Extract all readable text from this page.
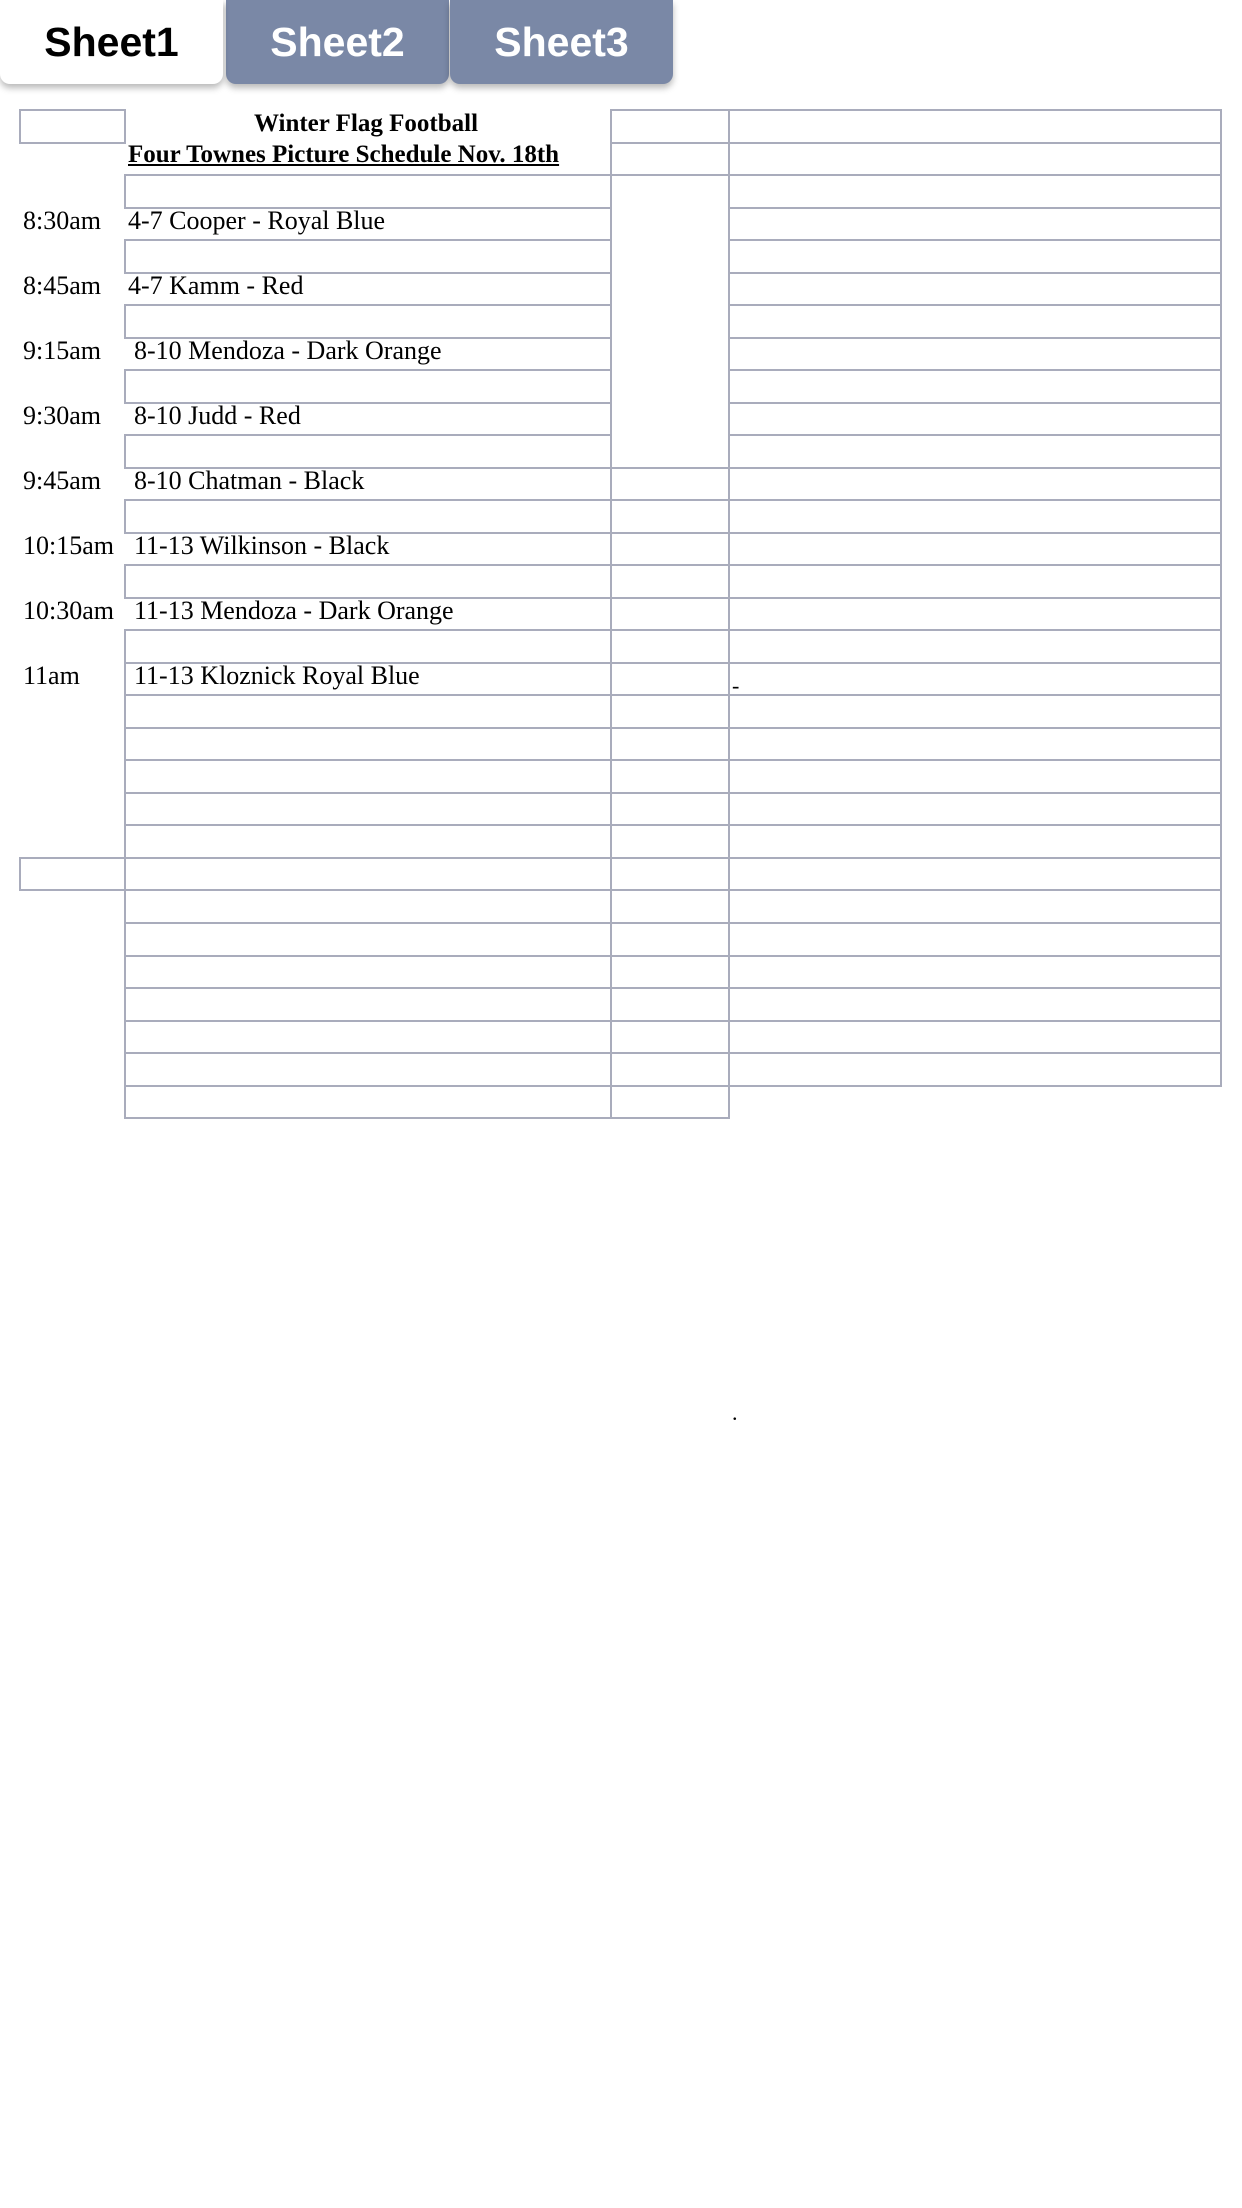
Sheet1	Sheet2	Sheet3
Winter Flag Football
Four Townes Picture Schedule Nov. 18th
8:30am 4-7 Cooper - Royal Blue
8:45am 4-7 Kamm - Red
9:15am 8-10 Mendoza - Dark Orange
9:30am 8-10 Judd - Red
9:45am 8-10 Chatman - Black
10:15am 11-13 Wilkinson - Black
10:30am 11-13 Mendoza - Dark Orange
11am 11-13 Kloznick Royal Blue	-
.
